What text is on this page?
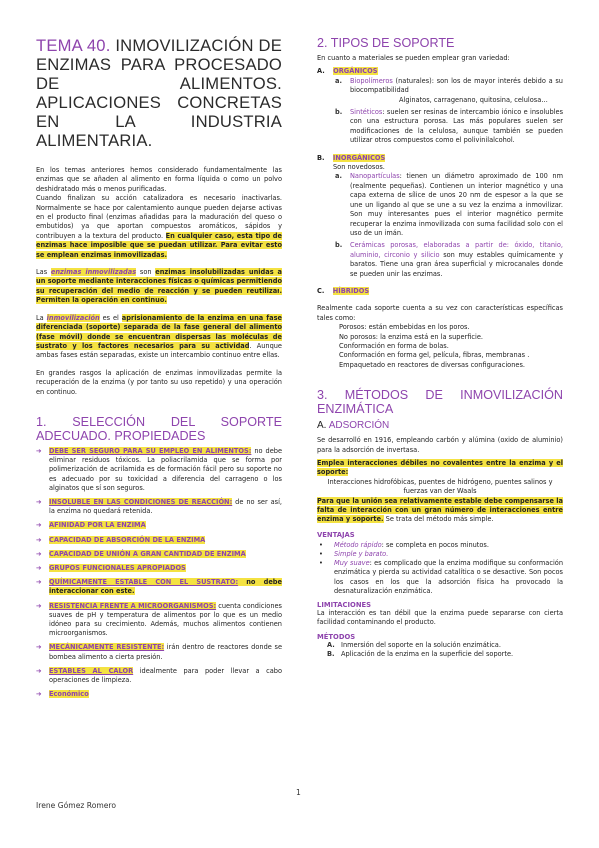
TEMA 40. INMOVILIZACIÓN DE ENZIMAS PARA PROCESADO DE ALIMENTOS. APLICACIONES CONCRETAS EN LA INDUSTRIA ALIMENTARIA.
En los temas anteriores hemos considerado fundamentalmente las enzimas que se añaden al alimento en forma líquida o como un polvo deshidratado más o menos purificadas.
Cuando finalizan su acción catalizadora es necesario inactivarlas. Normalmente se hace por calentamiento aunque pueden dejarse activas en el producto final (enzimas añadidas para la maduración del queso o embutidos) ya que aportan compuestos aromáticos, sápidos y contribuyen a la textura del producto. En cualquier caso, esta tipo de enzimas hace imposible que se puedan utilizar. Para evitar esto se emplean enzimas inmovilizadas.
Las enzimas inmovilizadas son enzimas insolubilizadas unidas a un soporte mediante interacciones físicas o químicas permitiendo su recuperación del medio de reacción y se pueden reutilizar. Permiten la operación en continuo.
La inmovilización es el aprisionamiento de la enzima en una fase diferenciada (soporte) separada de la fase general del alimento (fase móvil) donde se encuentran dispersas las moléculas de sustrato y los factores necesarios para su actividad. Aunque ambas fases están separadas, existe un intercambio continuo entre ellas.
En grandes rasgos la aplicación de enzimas inmovilizadas permite la recuperación de la enzima (y por tanto su uso repetido) y una operación en continuo.
1. SELECCIÓN DEL SOPORTE ADECUADO. PROPIEDADES
➔ DEBE SER SEGURO PARA SU EMPLEO EN ALIMENTOS: no debe eliminar residuos tóxicos. La poliacrilamida que se forma por polimerización de acrilamida es de formación fácil pero su soporte no es adecuado por su toxicidad a diferencia del carrageno o los alginatos que sí son seguros.
➔ INSOLUBLE EN LAS CONDICIONES DE REACCIÓN: de no ser así, la enzima no quedará retenida.
➔ AFINIDAD POR LA ENZIMA
➔ CAPACIDAD DE ABSORCIÓN DE LA ENZIMA
➔ CAPACIDAD DE UNIÓN A GRAN CANTIDAD DE ENZIMA
➔ GRUPOS FUNCIONALES APROPIADOS
➔ QUÍMICAMENTE ESTABLE CON EL SUSTRATO: no debe interaccionar con este.
➔ RESISTENCIA FRENTE A MICROORGANISMOS: cuenta condiciones suaves de pH y temperatura de alimentos por lo que es un medio idóneo para su crecimiento. Además, muchos alimentos contienen microorganismos.
➔ MECÁNICAMENTE RESISTENTE: irán dentro de reactores donde se bombea alimento a cierta presión.
➔ ESTABLES AL CALOR idealmente para poder llevar a cabo operaciones de limpieza.
➔ Económico
2. TIPOS DE SOPORTE
En cuanto a materiales se pueden emplear gran variedad:
A. ORGÁNICOS
a. Biopolímeros (naturales): son los de mayor interés debido a su biocompatibilidad
Alginatos, carragenano, quitosina, celulosa…
b. Sintéticos: suelen ser resinas de intercambio iónico e insolubles con una estructura porosa. Las más populares suelen ser modificaciones de la celulosa, aunque también se pueden utilizar otros compuestos como el polivinilalcohol.
B. INORGÁNICOS
Son novedosos.
a. Nanopartículas: tienen un diámetro aproximado de 100 nm (realmente pequeñas). Contienen un interior magnético y una capa externa de sílice de unos 20 nm de espesor a la que se une un ligando al que se une a su vez la enzima a inmovilizar. Son muy interesantes pues el interior magnético permite recuperar la enzima inmovilizada con suma facilidad solo con el uso de un imán.
b. Cerámicas porosas, elaboradas a partir de: óxido, titanio, aluminio, circonio y silicio son muy estables químicamente y baratos. Tiene una gran área superficial y microcanales donde se pueden unir las enzimas.
C. HÍBRIDOS
Realmente cada soporte cuenta a su vez con características específicas tales como:
Porosos: están embebidas en los poros.
No porosos: la enzima está en la superficie.
Conformación en forma de bolas.
Conformación en forma gel, película, fibras, membranas .
Empaquetado en reactores de diversas configuraciones.
3. MÉTODOS DE INMOVILIZACIÓN ENZIMÁTICA
A. ADSORCIÓN
Se desarrolló en 1916, empleando carbón y alúmina (oxido de aluminio) para la adsorción de invertasa.
Emplea interacciones débiles no covalentes entre la enzima y el soporte:
Interacciones hidrofóbicas, puentes de hidrógeno, puentes salinos y fuerzas van der Waals
Para que la unión sea relativamente estable debe compensarse la falta de interacción con un gran número de interacciones entre enzima y soporte. Se trata del método más simple.
VENTAJAS
• Método rápido: se completa en pocos minutos.
• Simple y barato.
• Muy suave: es complicado que la enzima modifique su conformación enzimática y pierda su actividad catalítica o se desactive. Son pocos los casos en los que la adsorción física ha provocado la desnaturalización enzimática.
LIMITACIONES
La interacción es tan débil que la enzima puede separarse con cierta facilidad contaminando el producto.
MÉTODOS
A. Inmersión del soporte en la solución enzimática.
B. Aplicación de la enzima en la superficie del soporte.
1
Irene Gómez Romero
